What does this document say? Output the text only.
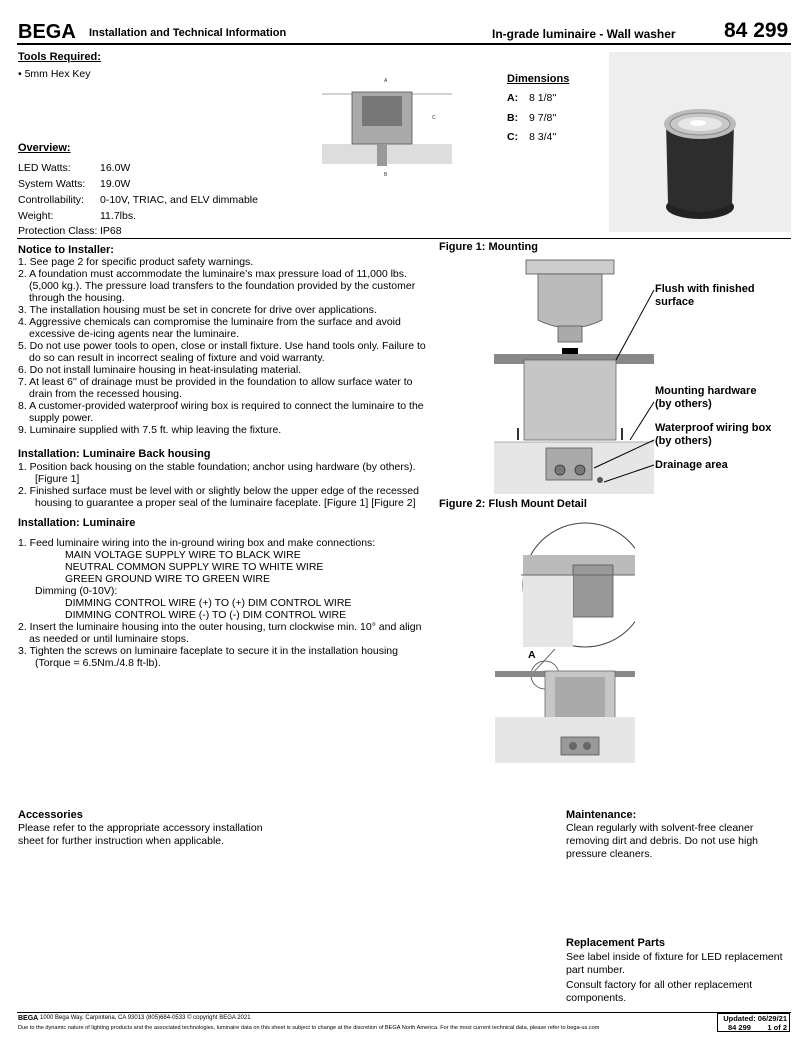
BEGA Installation and Technical Information	In-grade luminaire - Wall washer 84 299
Tools Required:
• 5mm Hex Key
A
C
B
Dimensions
A: 8 1/8''
B: 9 7/8''
C: 8 3/4''
Overview:
LED Watts:	16.0W
System Watts: 19.0W
Controllability: 0-10V, TRIAC, and ELV dimmable
Weight:	11.7lbs.
Protection Class: IP68
Notice to Installer:
1. See page 2 for specific product safety warnings.
2. A foundation must accommodate the luminaire’s max pressure load of 11,000 lbs.
(5,000 kg.). The pressure load transfers to the foundation provided by the customer
through the housing.
3. The installation housing must be set in concrete for drive over applications.
4. Aggressive chemicals can compromise the luminaire from the surface and avoid
excessive de-icing agents near the luminaire.
5. Do not use power tools to open, close or install fixture. Use hand tools only. Failure to
do so can result in incorrect sealing of fixture and void warranty.
6. Do not install luminaire housing in heat-insulating material.
7. At least 6'' of drainage must be provided in the foundation to allow surface water to
drain from the recessed housing.
8. A customer-provided waterproof wiring box is required to connect the luminaire to the
supply power.
9. Luminaire supplied with 7.5 ft. whip leaving the fixture.
Installation: Luminaire Back housing
1. Position back housing on the stable foundation; anchor using hardware (by others).
[Figure 1]
2. Finished surface must be level with or slightly below the upper edge of the recessed
housing to guarantee a proper seal of the luminaire faceplate. [Figure 1] [Figure 2]
Installation: Luminaire
1. Feed luminaire wiring into the in-ground wiring box and make connections:
MAIN VOLTAGE SUPPLY WIRE TO BLACK WIRE
NEUTRAL COMMON SUPPLY WIRE TO WHITE WIRE
GREEN GROUND WIRE TO GREEN WIRE
Dimming (0-10V):
DIMMING CONTROL WIRE (+) TO (+) DIM CONTROL WIRE
DIMMING CONTROL WIRE (-) TO (-) DIM CONTROL WIRE
2. Insert the luminaire housing into the outer housing, turn clockwise min. 10° and align
as needed or until luminaire stops.
3. Tighten the screws on luminaire faceplate to secure it in the installation housing
(Torque = 6.5Nm./4.8 ft-lb).
Figure 1: Mounting
Flush with finished surface
Mounting hardware (by others)
Waterproof wiring box (by others)
Drainage area
Figure 2: Flush Mount Detail
A
Accessories
Please refer to the appropriate accessory installation
sheet for further instruction when applicable.
Maintenance:
Clean regularly with solvent-free cleaner
removing dirt and debris. Do not use high
pressure cleaners.
Replacement Parts
See label inside of fixture for LED replacement
part number.
Consult factory for all other replacement
components.
BEGA 1000 Bega Way, Carpinteria, CA 93013 (805)684-0533 © copyright BEGA 2021
Due to the dynamic nature of lighting products and the associated technologies, luminaire data on this sheet is subject to change at the discretion of BEGA North America. For the most current technical data, please refer to bega-us.com
Updated: 06/29/21
84 299 1 of 2
